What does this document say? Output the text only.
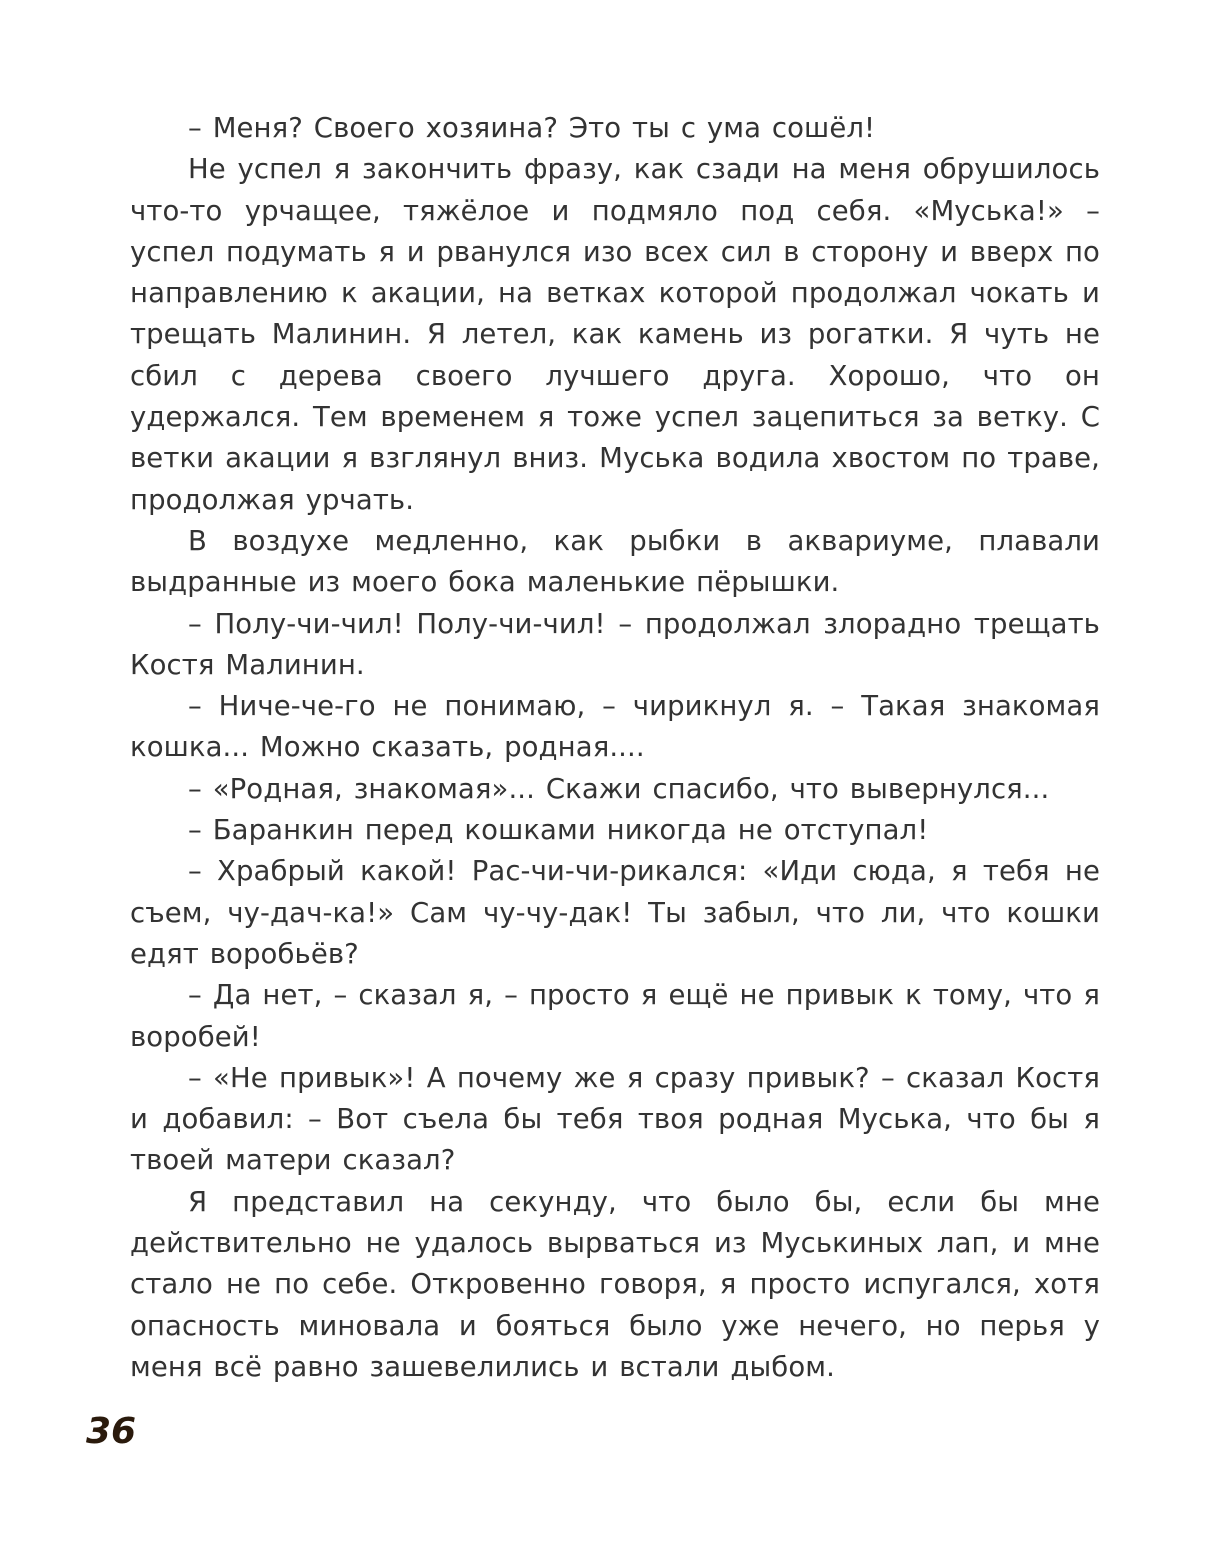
– Меня? Своего хозяина? Это ты с ума сошёл!

Не успел я закончить фразу, как сзади на меня обрушилось что-то урчащее, тяжёлое и подмяло под себя. «Муська!» – успел подумать я и рванулся изо всех сил в сторону и вверх по направлению к акации, на ветках которой продолжал чокать и трещать Малинин. Я летел, как камень из рогатки. Я чуть не сбил с дерева своего лучшего друга. Хорошо, что он удержался. Тем временем я тоже успел зацепиться за ветку. С ветки акации я взглянул вниз. Муська водила хвостом по траве, продолжая урчать.

В воздухе медленно, как рыбки в аквариуме, плавали выдранные из моего бока маленькие пёрышки.

– Полу-чи-чил! Полу-чи-чил! – продолжал злорадно трещать Костя Малинин.

– Ниче-че-го не понимаю, – чирикнул я. – Такая знакомая кошка... Можно сказать, родная....

– «Родная, знакомая»... Скажи спасибо, что вывернулся...

– Баранкин перед кошками никогда не отступал!

– Храбрый какой! Рас-чи-чи-рикался: «Иди сюда, я тебя не съем, чу-дач-ка!» Сам чу-чу-дак! Ты забыл, что ли, что кошки едят воробьёв?

– Да нет, – сказал я, – просто я ещё не привык к тому, что я воробей!

– «Не привык»! А почему же я сразу привык? – сказал Костя и добавил: – Вот съела бы тебя твоя родная Муська, что бы я твоей матери сказал?

Я представил на секунду, что было бы, если бы мне действительно не удалось вырваться из Муськиных лап, и мне стало не по себе. Откровенно говоря, я просто испугался, хотя опасность миновала и бояться было уже нечего, но перья у меня всё равно зашевелились и встали дыбом.

36
